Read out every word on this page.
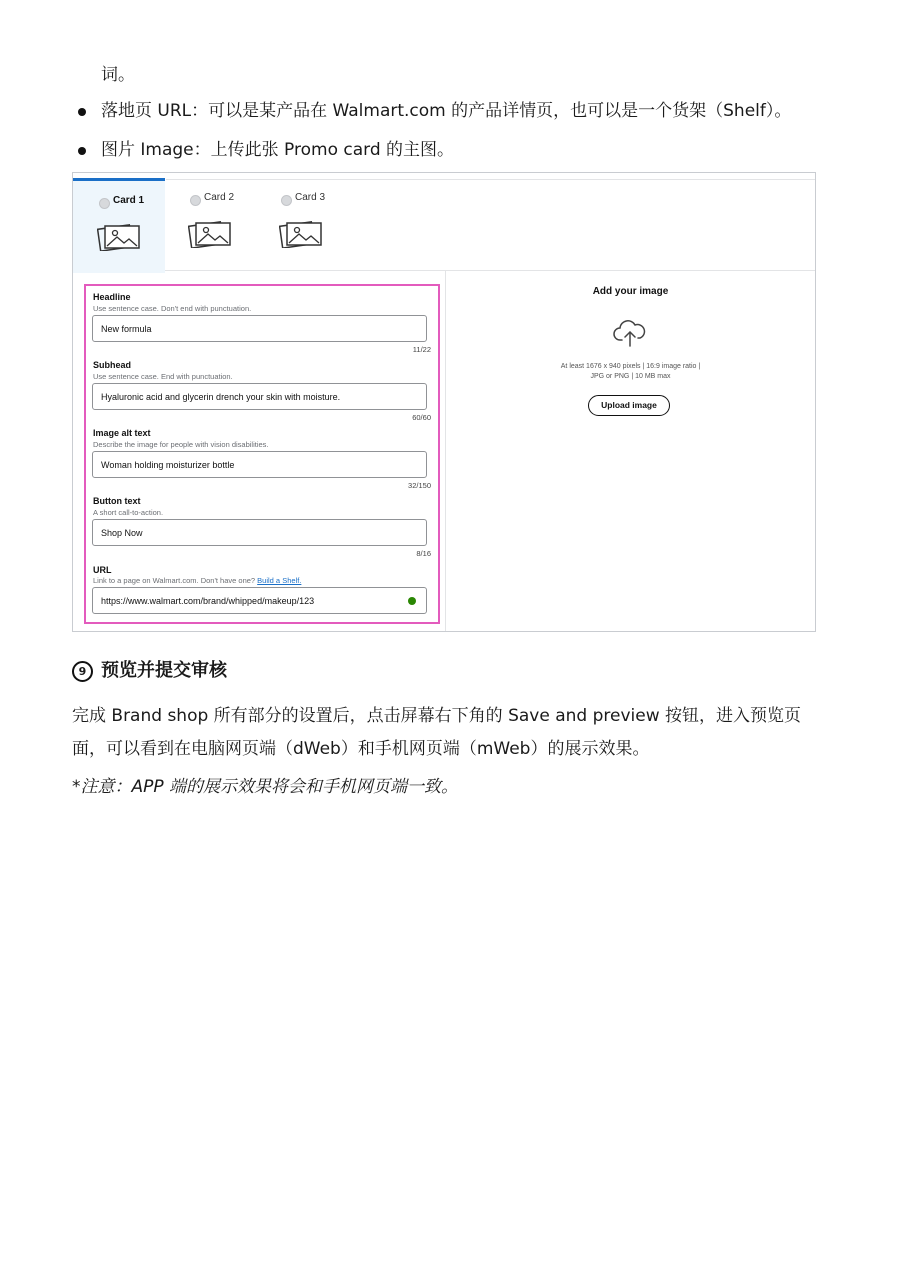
词。
落地页 URL：可以是某产品在 Walmart.com 的产品详情页，也可以是一个货架（Shelf）。
图片 Image：上传此张 Promo card 的主图。
Card 1	Card 2	Card 3
Headline
Use sentence case. Don't end with punctuation.
New formula
11/22
Subhead
Use sentence case. End with punctuation.
Hyaluronic acid and glycerin drench your skin with moisture.
60/60
Image alt text
Describe the image for people with vision disabilities.
Woman holding moisturizer bottle
32/150
Button text
A short call-to-action.
Shop Now
8/16
URL
Link to a page on Walmart.com. Don't have one? Build a Shelf.
https://www.walmart.com/brand/whipped/makeup/123
Add your image
At least 1676 x 940 pixels | 16:9 image ratio |
JPG or PNG | 10 MB max
Upload image
9 预览并提交审核
完成 Brand shop 所有部分的设置后，点击屏幕右下角的 Save and preview 按钮，进入预览页面，可以看到在电脑网页端（dWeb）和手机网页端（mWeb）的展示效果。
*注意：APP 端的展示效果将会和手机网页端一致。
